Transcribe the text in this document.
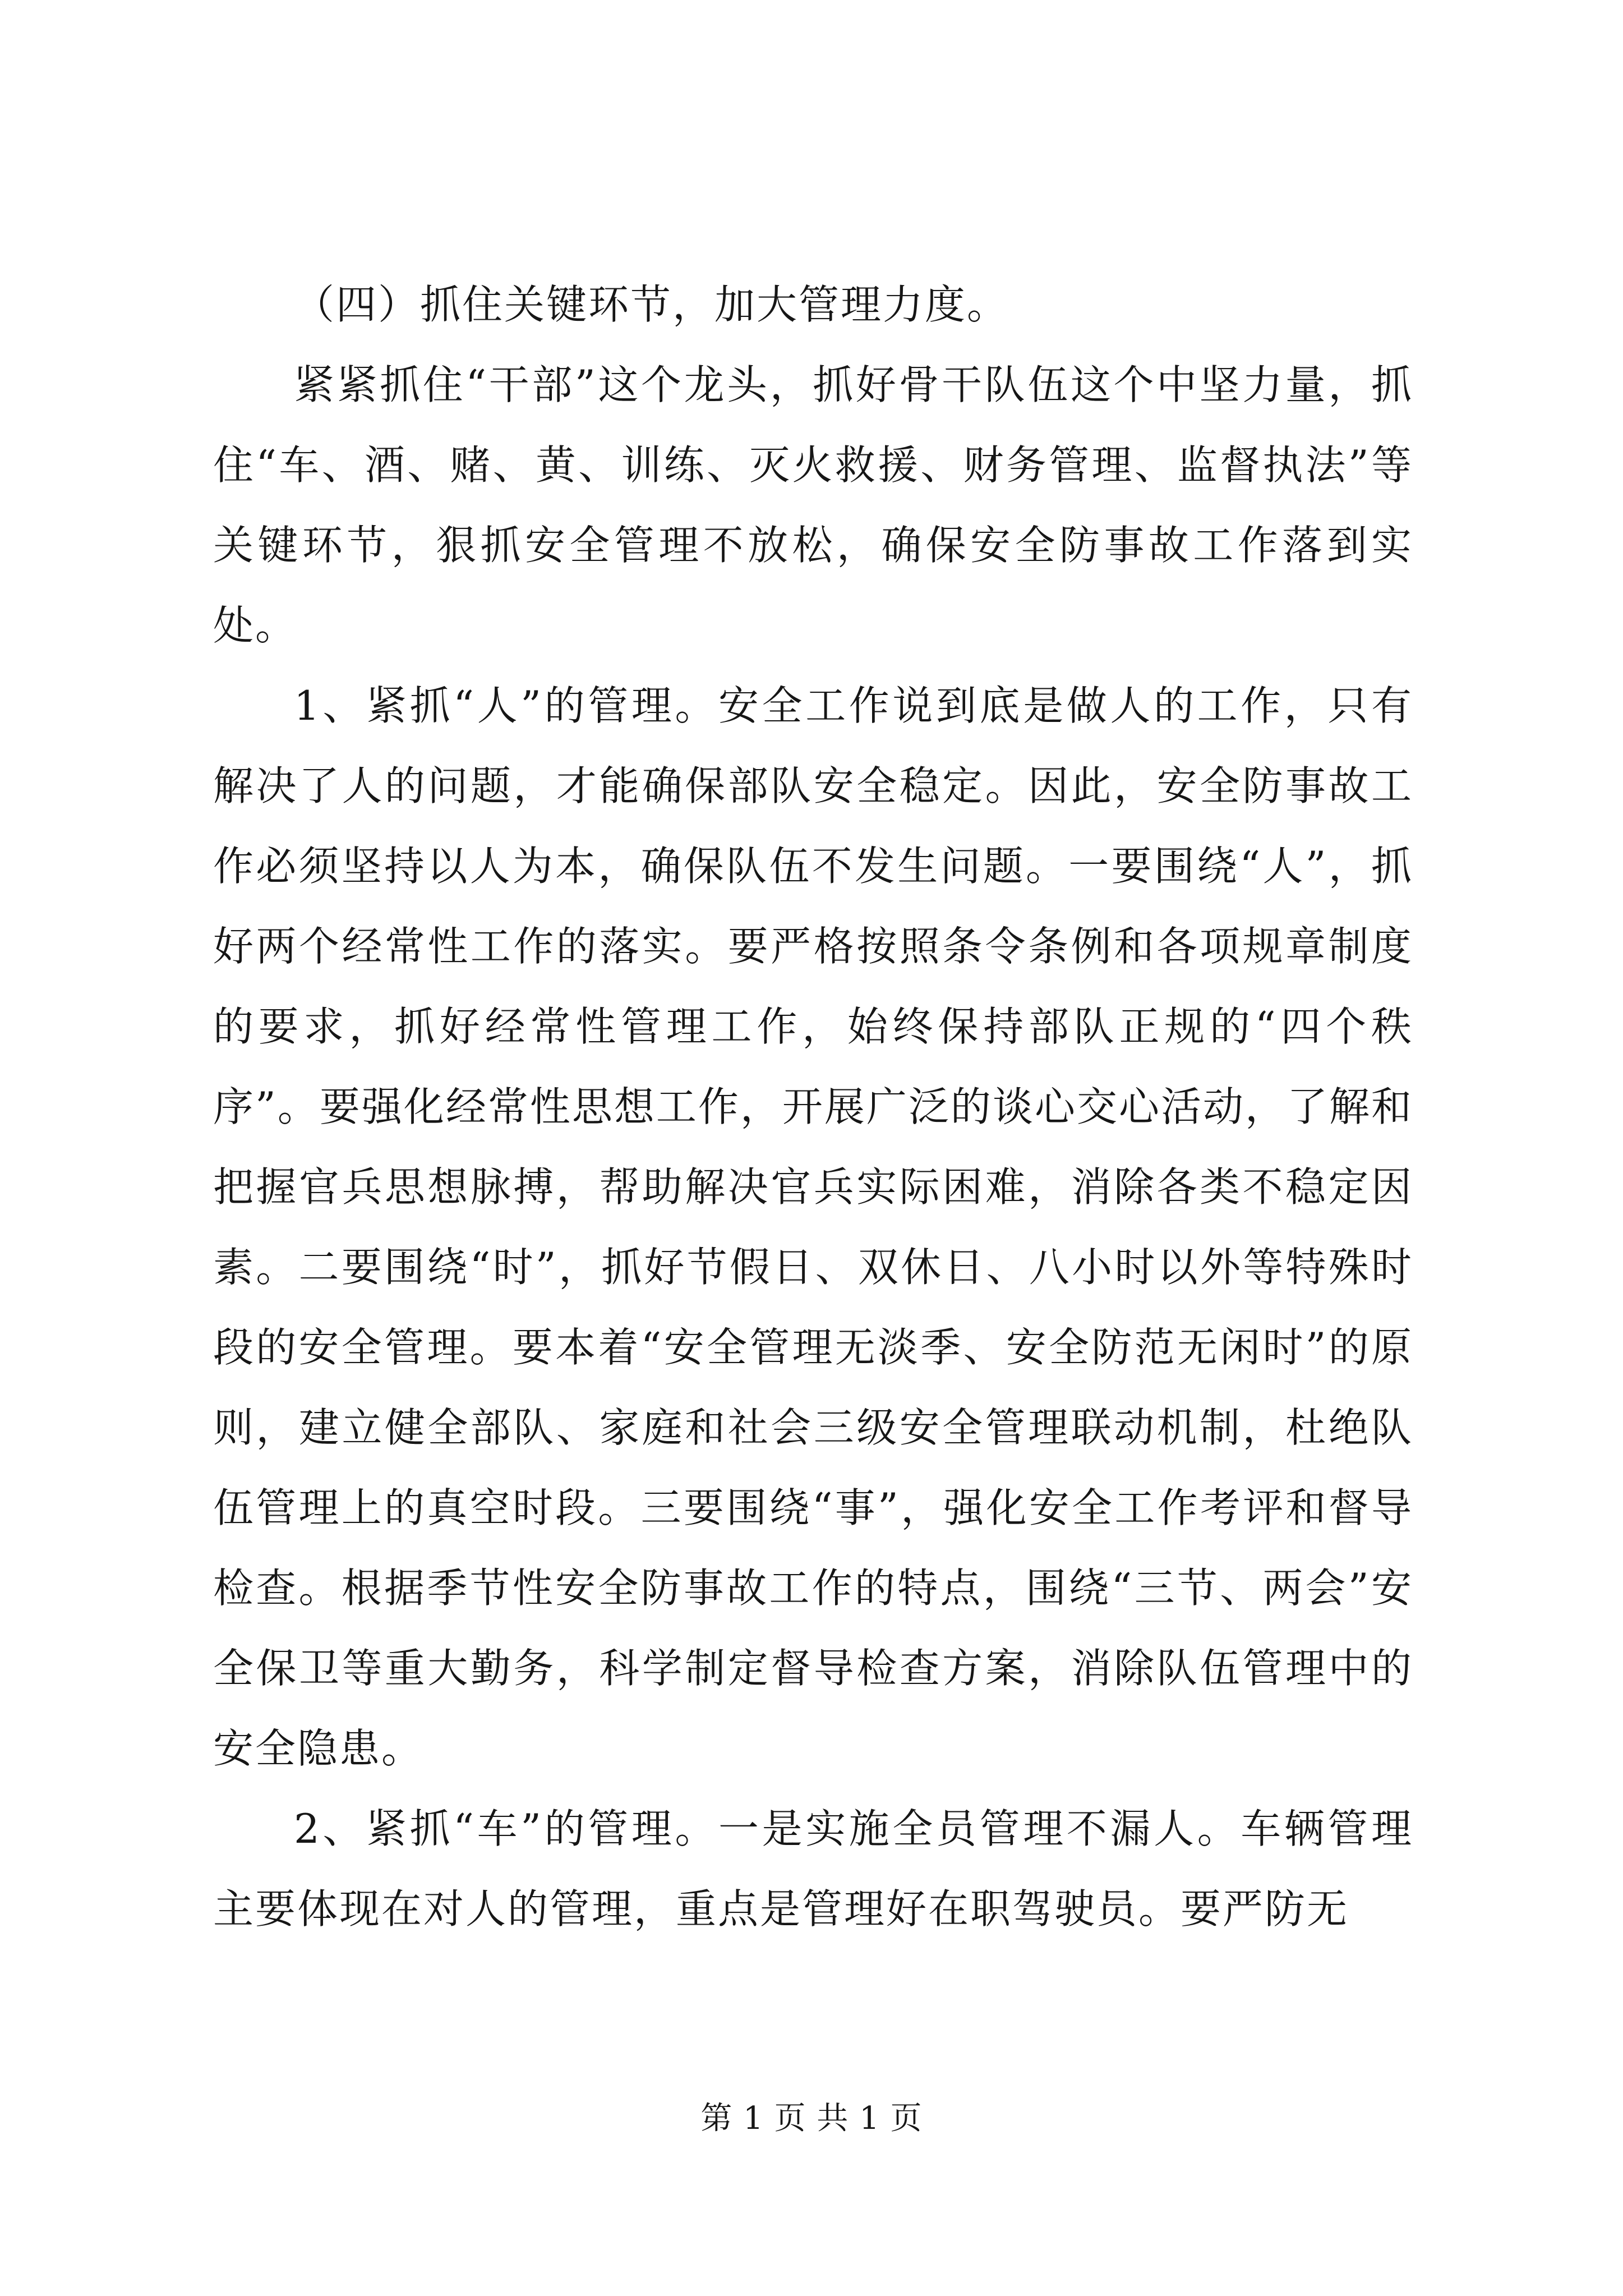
（四）抓住关键环节，加大管理力度。

紧紧抓住“干部”这个龙头，抓好骨干队伍这个中坚力量，抓住“车、酒、赌、黄、训练、灭火救援、财务管理、监督执法”等关键环节，狠抓安全管理不放松，确保安全防事故工作落到实处。

1、紧抓“人”的管理。安全工作说到底是做人的工作，只有解决了人的问题，才能确保部队安全稳定。因此，安全防事故工作必须坚持以人为本，确保队伍不发生问题。一要围绕“人”，抓好两个经常性工作的落实。要严格按照条令条例和各项规章制度的要求，抓好经常性管理工作，始终保持部队正规的“四个秩序”。要强化经常性思想工作，开展广泛的谈心交心活动，了解和把握官兵思想脉搏，帮助解决官兵实际困难，消除各类不稳定因素。二要围绕“时”，抓好节假日、双休日、八小时以外等特殊时段的安全管理。要本着“安全管理无淡季、安全防范无闲时”的原则，建立健全部队、家庭和社会三级安全管理联动机制，杜绝队伍管理上的真空时段。三要围绕“事”，强化安全工作考评和督导检查。根据季节性安全防事故工作的特点，围绕“三节、两会”安全保卫等重大勤务，科学制定督导检查方案，消除队伍管理中的安全隐患。

2、紧抓“车”的管理。一是实施全员管理不漏人。车辆管理主要体现在对人的管理，重点是管理好在职驾驶员。要严防无

第 1 页 共 1 页
